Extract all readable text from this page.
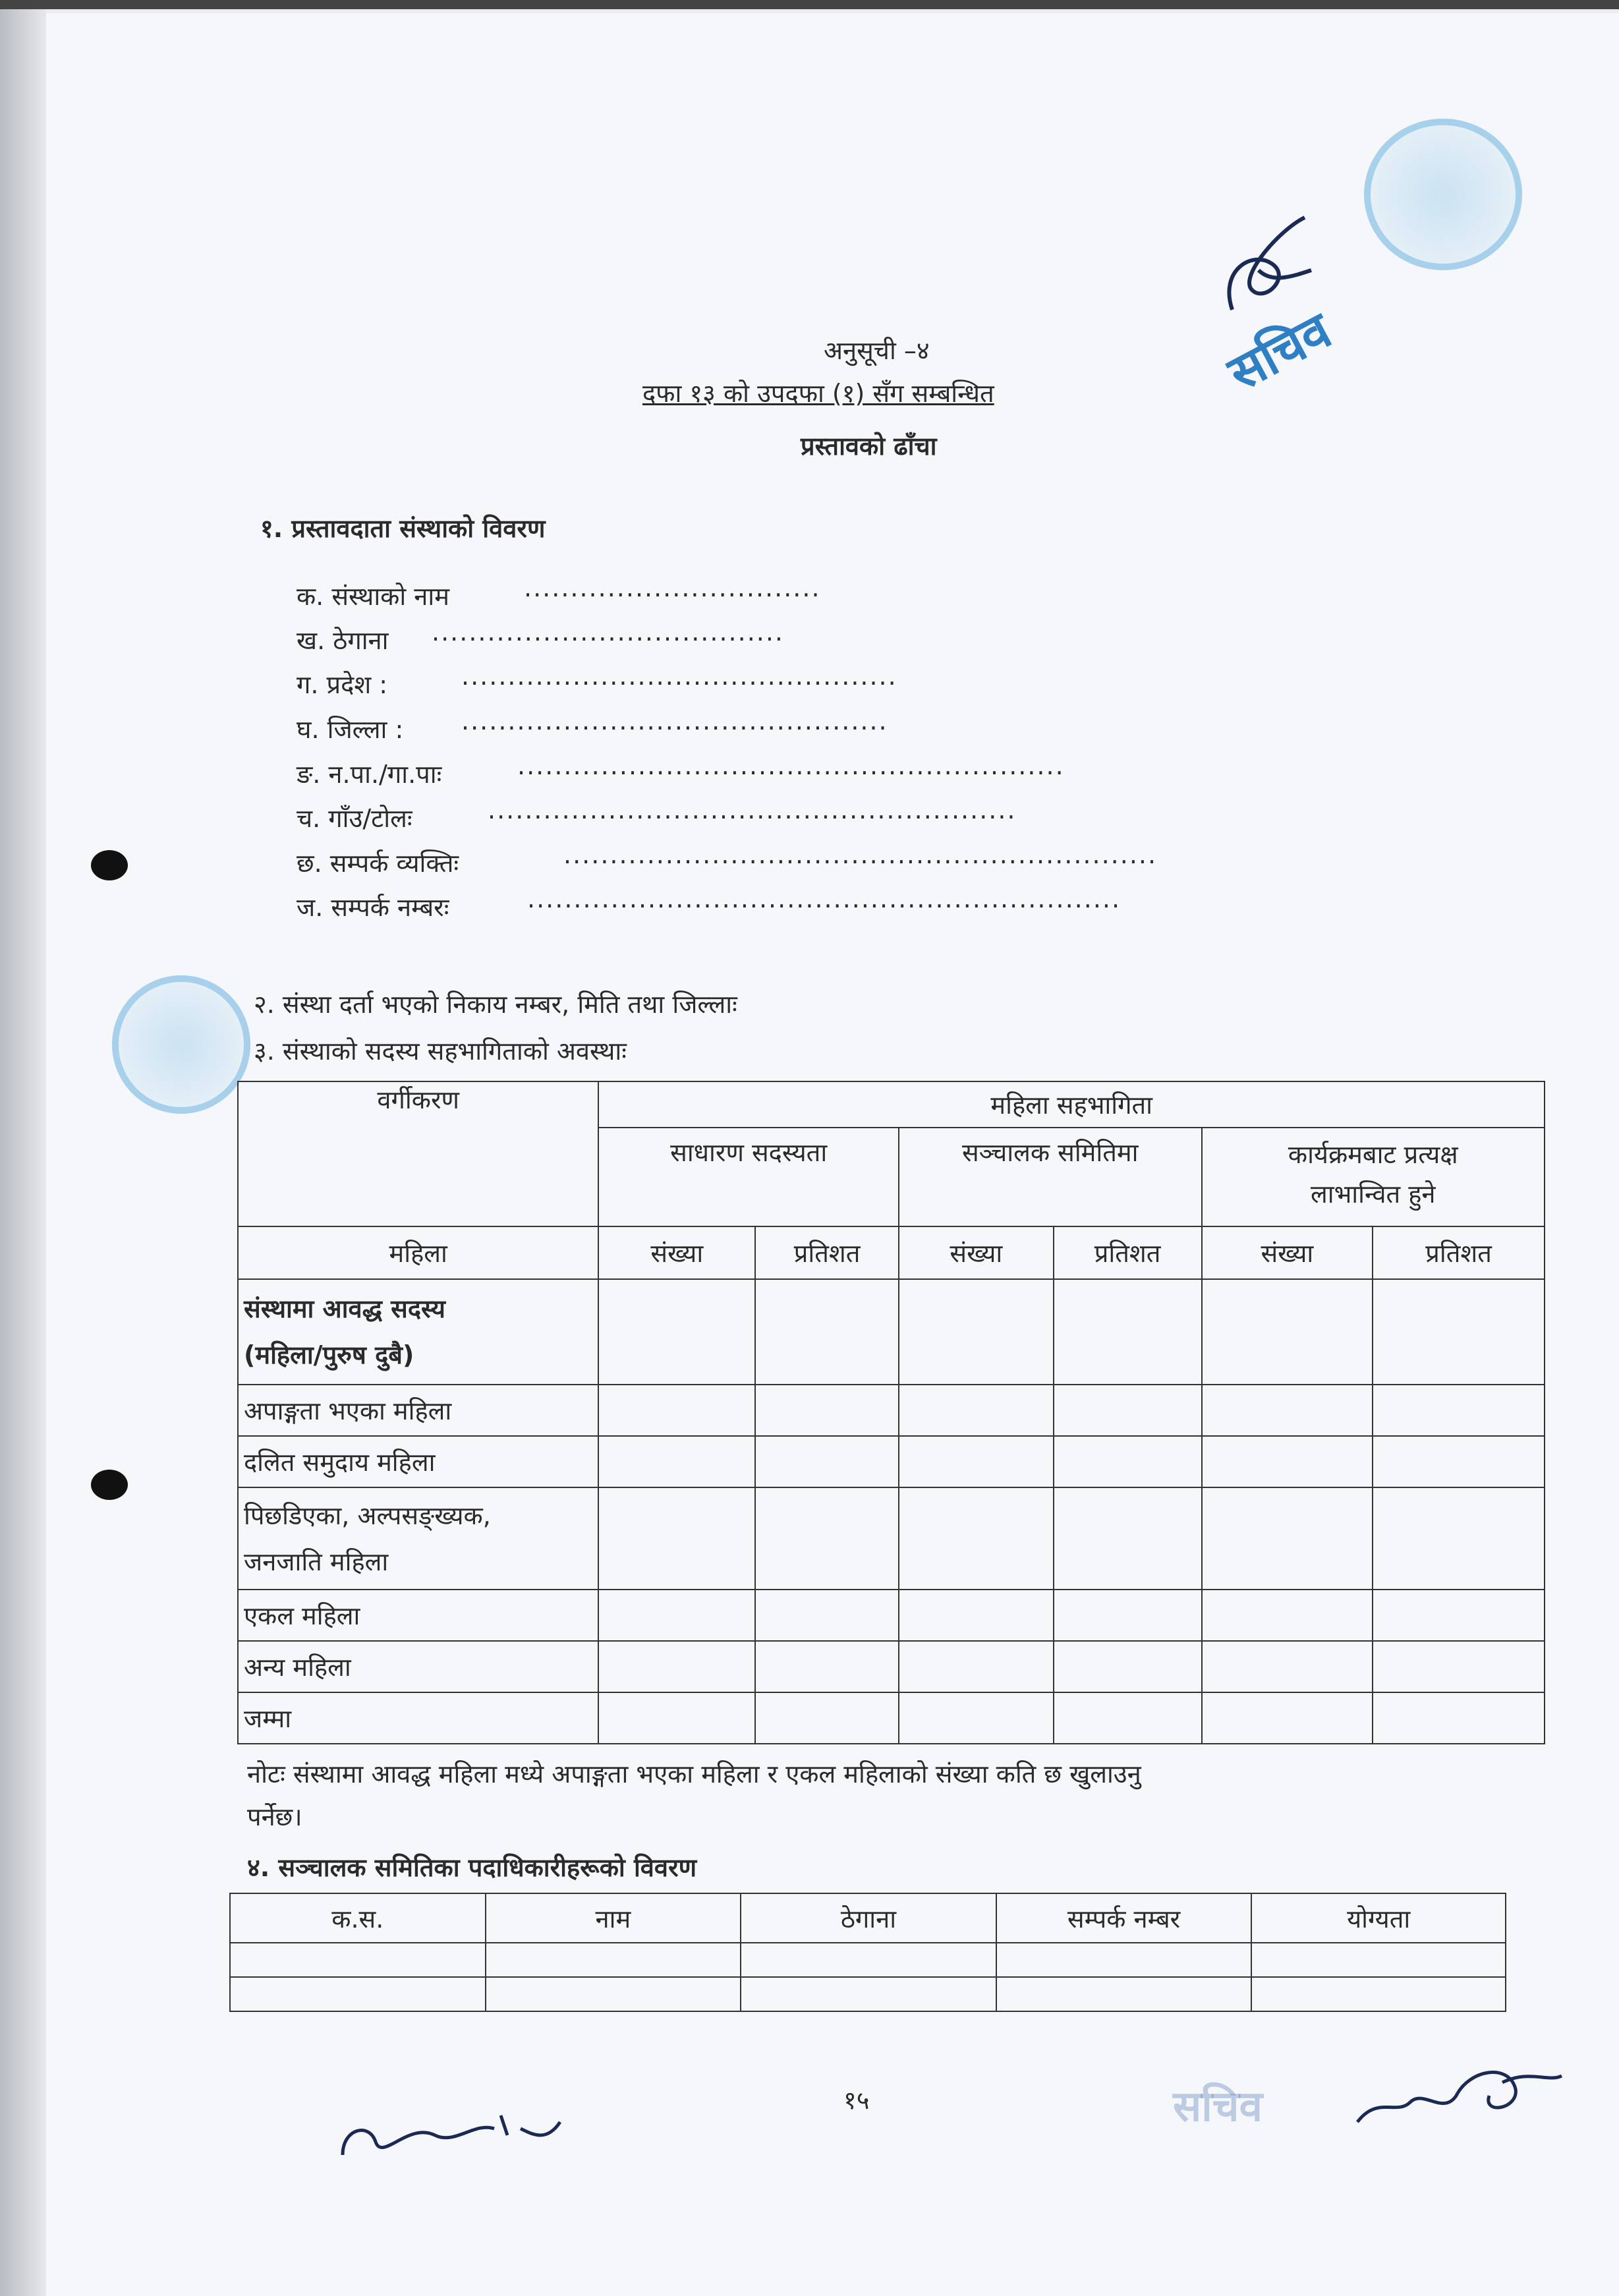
सचिव
सचिव
अनुसूची –४
दफा १३ को उपदफा (१) सँग सम्बन्धित
प्रस्तावको ढाँचा
१. प्रस्तावदाता संस्थाको विवरण
क. संस्थाको नाम	................................
ख. ठेगाना ......................................
ग. प्रदेश :	...............................................
घ. जिल्ला : ..............................................
ङ. न.पा./गा.पाः	...........................................................
च. गाँउ/टोलः	.........................................................
छ. सम्पर्क व्यक्तिः	................................................................
ज. सम्पर्क नम्बरः	................................................................
२. संस्था दर्ता भएको निकाय नम्बर, मिति तथा जिल्लाः
३. संस्थाको सदस्य सहभागिताको अवस्थाः
वर्गीकरण	महिला सहभागिता					
	साधारण सदस्यता		सञ्चालक समितिमा		कार्यक्रमबाट प्रत्यक्ष
लाभान्वित हुने	
महिला	संख्या	प्रतिशत	संख्या	प्रतिशत	संख्या	प्रतिशत
संस्थामा आवद्ध सदस्य
(महिला/पुरुष दुबै)						
अपाङ्गता भएका महिला						
दलित समुदाय महिला						
पिछडिएका, अल्पसङ्ख्यक,
जनजाति महिला						
एकल महिला						
अन्य महिला						
जम्मा						
नोटः संस्थामा आवद्ध महिला मध्ये अपाङ्गता भएका महिला र एकल महिलाको संख्या कति छ खुलाउनु
पर्नेछ।
४. सञ्चालक समितिका पदाधिकारीहरूको विवरण
क.स.	नाम	ठेगाना	सम्पर्क नम्बर	योग्यता

१५
